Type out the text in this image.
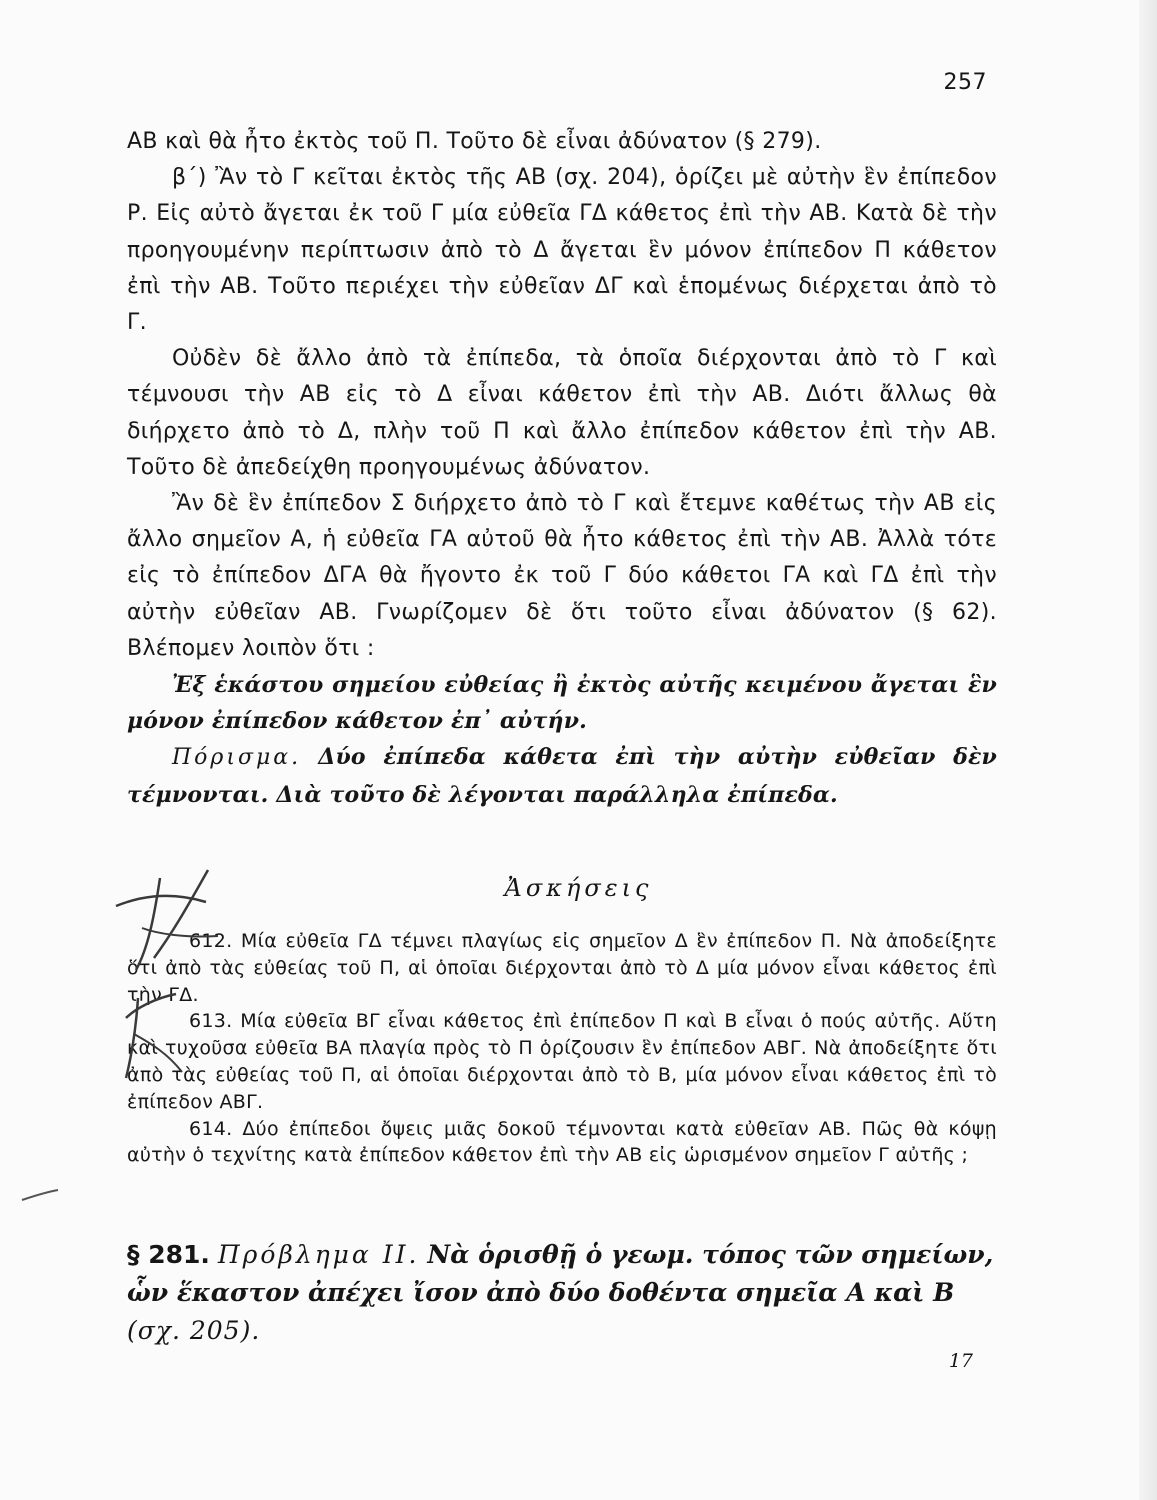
257

AB καὶ θὰ ἦτο ἐκτὸς τοῦ Π. Τοῦτο δὲ εἶναι ἀδύνατον (§ 279).

β΄) Ἂν τὸ Γ κεῖται ἐκτὸς τῆς AB (σχ. 204), ὁρίζει μὲ αὐτὴν ἓν ἐπίπεδον Ρ. Εἰς αὐτὸ ἄγεται ἐκ τοῦ Γ μία εὐθεῖα ΓΔ κάθετος ἐπὶ τὴν AB. Κατὰ δὲ τὴν προηγουμένην περίπτωσιν ἀπὸ τὸ Δ ἄγεται ἓν μόνον ἐπίπεδον Π κάθετον ἐπὶ τὴν AB. Τοῦτο περιέχει τὴν εὐθεῖαν ΔΓ καὶ ἑπομένως διέρχεται ἀπὸ τὸ Γ.

Οὐδὲν δὲ ἄλλο ἀπὸ τὰ ἐπίπεδα, τὰ ὁποῖα διέρχονται ἀπὸ τὸ Γ καὶ τέμνουσι τὴν AB εἰς τὸ Δ εἶναι κάθετον ἐπὶ τὴν AB. Διότι ἄλλως θὰ διήρχετο ἀπὸ τὸ Δ, πλὴν τοῦ Π καὶ ἄλλο ἐπίπεδον κάθετον ἐπὶ τὴν AB. Τοῦτο δὲ ἀπεδείχθη προηγουμένως ἀδύνατον.

Ἂν δὲ ἓν ἐπίπεδον Σ διήρχετο ἀπὸ τὸ Γ καὶ ἔτεμνε καθέτως τὴν AB εἰς ἄλλο σημεῖον Α, ἡ εὐθεῖα ΓΑ αὐτοῦ θὰ ἦτο κάθετος ἐπὶ τὴν AB. Ἀλλὰ τότε εἰς τὸ ἐπίπεδον ΔΓΑ θὰ ἤγοντο ἐκ τοῦ Γ δύο κάθετοι ΓΑ καὶ ΓΔ ἐπὶ τὴν αὐτὴν εὐθεῖαν AB. Γνωρίζομεν δὲ ὅτι τοῦτο εἶναι ἀδύνατον (§ 62). Βλέπομεν λοιπὸν ὅτι :

Ἐξ ἑκάστου σημείου εὐθείας ἢ ἐκτὸς αὐτῆς κειμένου ἄγεται ἓν μόνον ἐπίπεδον κάθετον ἐπ᾽ αὐτήν.

Πόρισμα. Δύο ἐπίπεδα κάθετα ἐπὶ τὴν αὐτὴν εὐθεῖαν δὲν τέμνονται. Διὰ τοῦτο δὲ λέγονται παράλληλα ἐπίπεδα.

Ἀσκήσεις

612. Μία εὐθεῖα ΓΔ τέμνει πλαγίως εἰς σημεῖον Δ ἓν ἐπίπεδον Π. Νὰ ἀποδείξητε ὅτι ἀπὸ τὰς εὐθείας τοῦ Π, αἱ ὁποῖαι διέρχονται ἀπὸ τὸ Δ μία μόνον εἶναι κάθετος ἐπὶ τὴν ΓΔ.

613. Μία εὐθεῖα ΒΓ εἶναι κάθετος ἐπὶ ἐπίπεδον Π καὶ Β εἶναι ὁ πούς αὐτῆς. Αὕτη καὶ τυχοῦσα εὐθεῖα ΒΑ πλαγία πρὸς τὸ Π ὁρίζουσιν ἓν ἐπίπεδον ΑΒΓ. Νὰ ἀποδείξητε ὅτι ἀπὸ τὰς εὐθείας τοῦ Π, αἱ ὁποῖαι διέρχονται ἀπὸ τὸ Β, μία μόνον εἶναι κάθετος ἐπὶ τὸ ἐπίπεδον ΑΒΓ.

614. Δύο ἐπίπεδοι ὄψεις μιᾶς δοκοῦ τέμνονται κατὰ εὐθεῖαν AB. Πῶς θὰ κόψῃ αὐτὴν ὁ τεχνίτης κατὰ ἐπίπεδον κάθετον ἐπὶ τὴν AB εἰς ὡρισμένον σημεῖον Γ αὐτῆς ;

§ 281. Πρόβλημα II. Νὰ ὁρισθῇ ὁ γεωμ. τόπος τῶν σημείων, ὧν ἕκαστον ἀπέχει ἴσον ἀπὸ δύο δοθέντα σημεῖα Α καὶ Β (σχ. 205).
17
